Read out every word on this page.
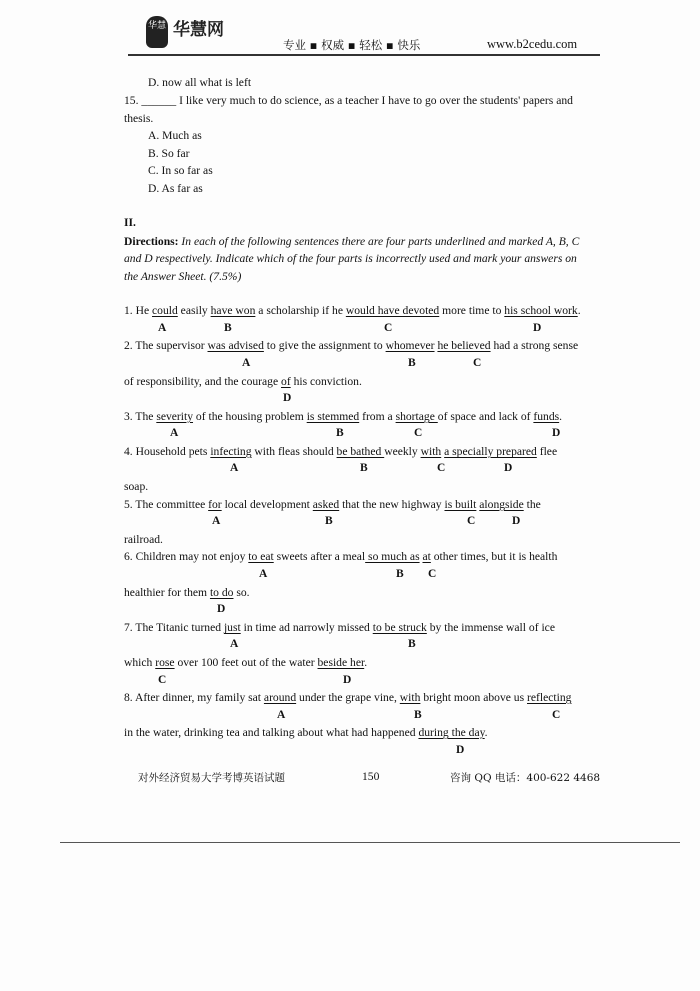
华慧 华慧网
专业 ▪ 权威 ▪ 轻松 ▪ 快乐	www.b2cedu.com
D. now all what is left
15. ______ I like very much to do science, as a teacher I have to go over the students' papers and
thesis.
A. Much as
B. So far
C. In so far as
D. As far as
II.
Directions: In each of the following sentences there are four parts underlined and marked A, B, C
and D respectively. Indicate which of the four parts is incorrectly used and mark your answers on
the Answer Sheet. (7.5%)
1. He could easily have won a scholarship if he would have devoted more time to his school work.
A	B	C	D
2. The supervisor was advised to give the assignment to whomever he believed had a strong sense
A	B	C
of responsibility, and the courage of his conviction.
D
3. The severity of the housing problem is stemmed from a shortage of space and lack of funds.
A	B	C	D
4. Household pets infecting with fleas should be bathed weekly with a specially prepared flee
A	B	C	D
soap.
5. The committee for local development asked that the new highway is built alongside the
A	B	C	D
railroad.
6. Children may not enjoy to eat sweets after a meal so much as at other times, but it is health
A	B C
healthier for them to do so.
D
7. The Titanic turned just in time ad narrowly missed to be struck by the immense wall of ice
A	B
which rose over 100 feet out of the water beside her.
C	D
8. After dinner, my family sat around under the grape vine, with bright moon above us reflecting
A	B	C
in the water, drinking tea and talking about what had happened during the day.
D
对外经济贸易大学考博英语试题	150	咨询 QQ 电话：400-622 4468
